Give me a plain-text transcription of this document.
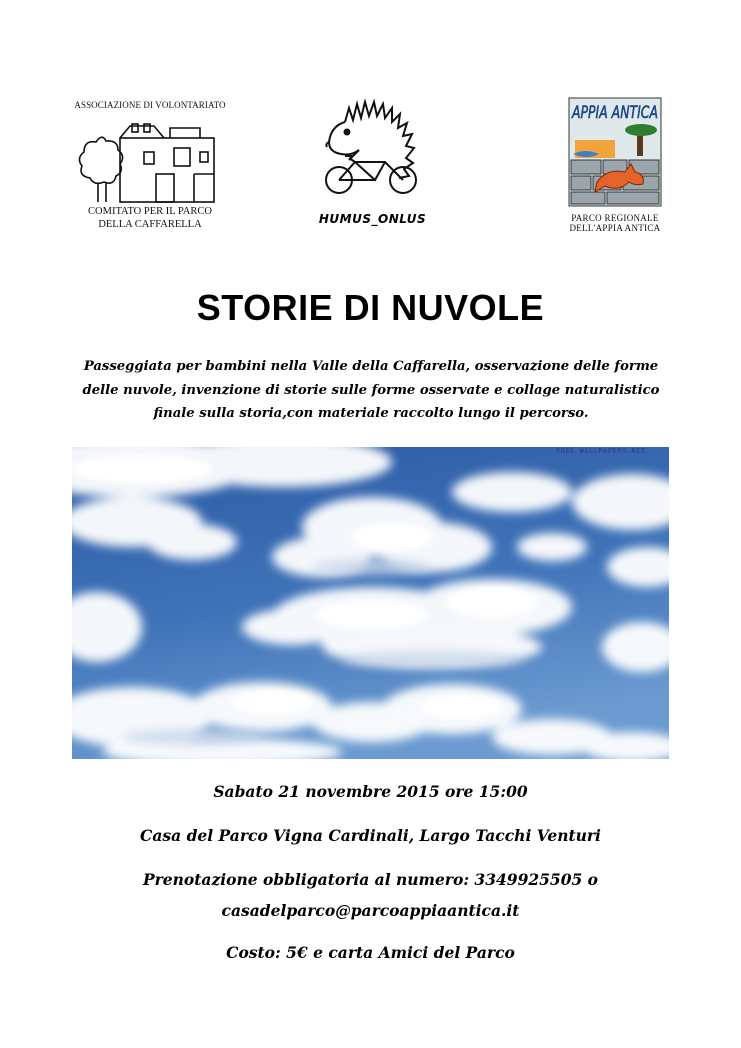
ASSOCIAZIONE DI VOLONTARIATO
COMITATO PER IL PARCO
DELLA CAFFARELLA	HUMUS_ONLUS
APPIA ANTICA
PARCO REGIONALE
DELL'APPIA ANTICA
STORIE DI NUVOLE
Passeggiata per bambini nella Valle della Caffarella, osservazione delle forme delle nuvole, invenzione di storie sulle forme osservate e collage naturalistico finale sulla storia,con materiale raccolto lungo il percorso.
FREE WALLPAPERS.NET
Sabato 21 novembre 2015 ore 15:00
Casa del Parco Vigna Cardinali, Largo Tacchi Venturi
Prenotazione obbligatoria al numero: 3349925505 o
casadelparco@parcoappiaantica.it
Costo: 5€ e carta Amici del Parco
